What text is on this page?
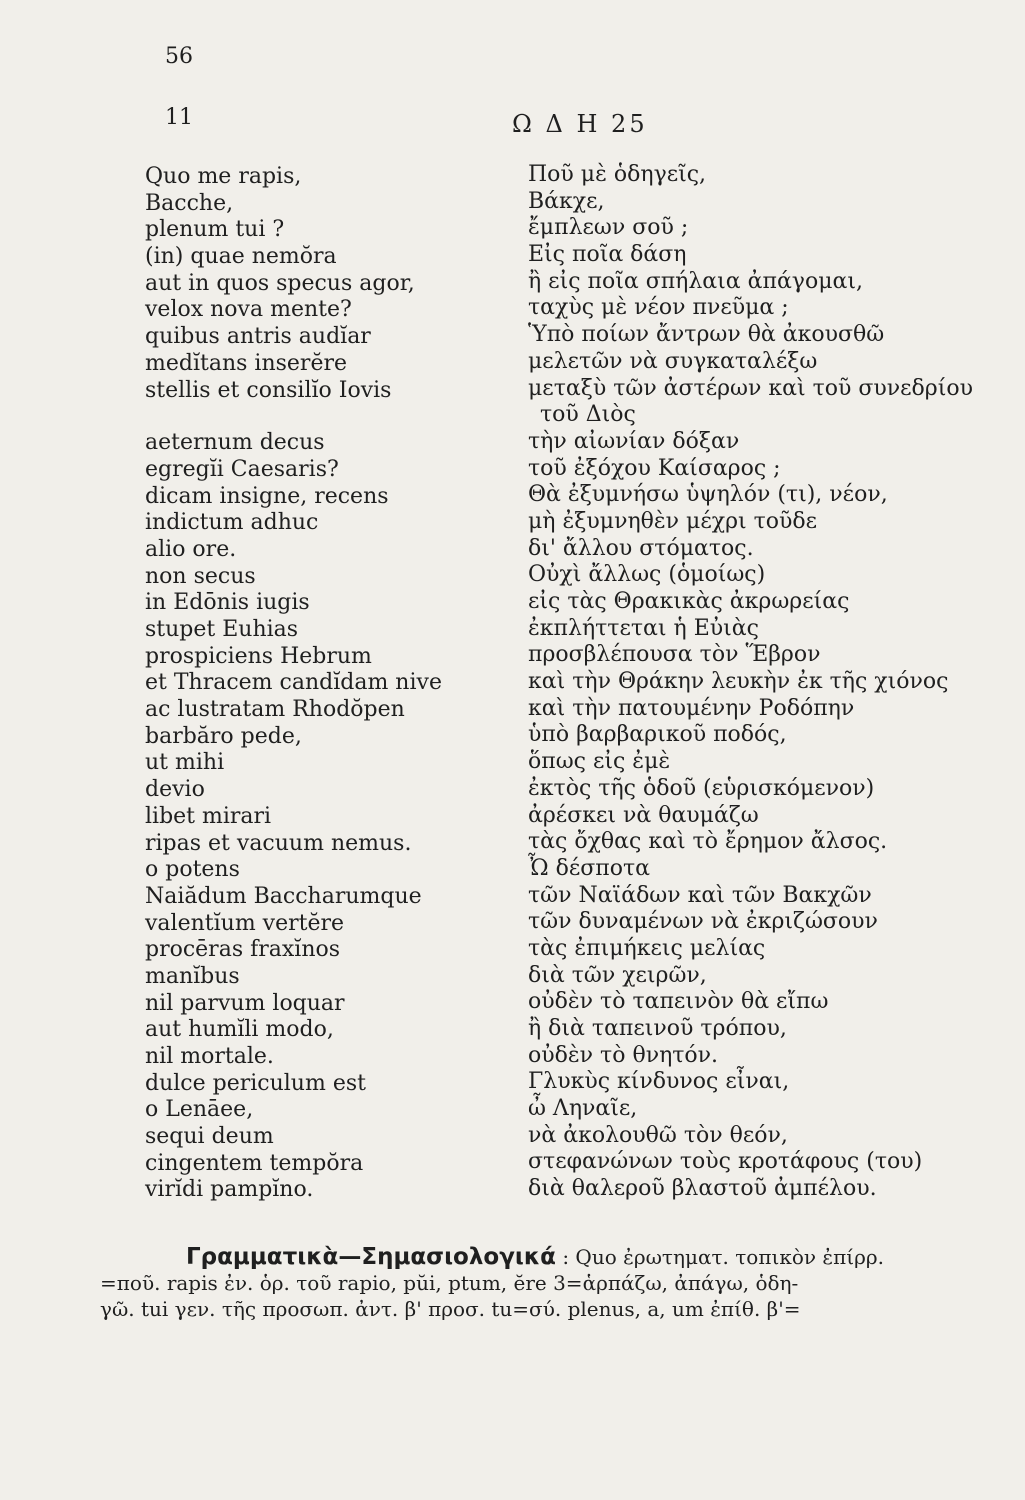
56
11	Ω Δ Η 25
Quo me rapis,
Bacche,
plenum tui ?
(in) quae nemŏra
aut in quos specus agor,
velox nova mente?
quibus antris audĭar
medĭtans inserĕre
stellis et consilĭo Iovis
aeternum decus
egregĭi Caesaris?
dicam insigne, recens
indictum adhuc
alio ore.
non secus
in Edōnis iugis
stupet Euhias
prospiciens Hebrum
et Thracem candĭdam nive
ac lustratam Rhodŏpen
barbăro pede,
ut mihi
devio
libet mirari
ripas et vacuum nemus.
o potens
Naiădum Baccharumque
valentĭum vertĕre
procēras fraxĭnos
manĭbus
nil parvum loquar
aut humĭli modo,
nil mortale.
dulce periculum est
o Lenāee,
sequi deum
cingentem tempŏra
virĭdi pampĭno.
Ποῦ μὲ ὁδηγεῖς,
Βάκχε,
ἔμπλεων σοῦ ;
Εἰς ποῖα δάση
ἢ εἰς ποῖα σπήλαια ἀπάγομαι,
ταχὺς μὲ νέον πνεῦμα ;
Ὑπὸ ποίων ἄντρων θὰ ἀκουσθῶ
μελετῶν νὰ συγκαταλέξω
μεταξὺ τῶν ἀστέρων καὶ τοῦ συνεδρίου
τοῦ Διὸς
τὴν αἰωνίαν δόξαν
τοῦ ἐξόχου Καίσαρος ;
Θὰ ἐξυμνήσω ὑψηλόν (τι), νέον,
μὴ ἐξυμνηθὲν μέχρι τοῦδε
δι' ἄλλου στόματος.
Οὐχὶ ἄλλως (ὁμοίως)
εἰς τὰς Θρακικὰς ἀκρωρείας
ἐκπλήττεται ἡ Εὐιὰς
προσβλέπουσα τὸν Ἕβρον
καὶ τὴν Θράκην λευκὴν ἐκ τῆς χιόνος
καὶ τὴν πατουμένην Ροδόπην
ὑπὸ βαρβαρικοῦ ποδός,
ὅπως εἰς ἐμὲ
ἐκτὸς τῆς ὁδοῦ (εὑρισκόμενον)
ἀρέσκει νὰ θαυμάζω
τὰς ὄχθας καὶ τὸ ἔρημον ἄλσος.
Ὦ δέσποτα
τῶν Ναϊάδων καὶ τῶν Βακχῶν
τῶν δυναμένων νὰ ἐκριζώσουν
τὰς ἐπιμήκεις μελίας
διὰ τῶν χειρῶν,
οὐδὲν τὸ ταπεινὸν θὰ εἴπω
ἢ διὰ ταπεινοῦ τρόπου,
οὐδὲν τὸ θνητόν.
Γλυκὺς κίνδυνος εἶναι,
ὦ Ληναῖε,
νὰ ἀκολουθῶ τὸν θεόν,
στεφανώνων τοὺς κροτάφους (του)
διὰ θαλεροῦ βλαστοῦ ἀμπέλου.

Γραμματικὰ—Σημασιολογικά : Quo ἐρωτηματ. τοπικὸν ἐπίρρ.

=ποῦ. rapis ἐν. ὁρ. τοῦ rapio, pŭi, ptum, ĕre 3=ἁρπάζω, ἀπάγω, ὁδη-

γῶ. tui γεν. τῆς προσωπ. ἀντ. β' προσ. tu=σύ. plenus, a, um ἐπίθ. β'=
